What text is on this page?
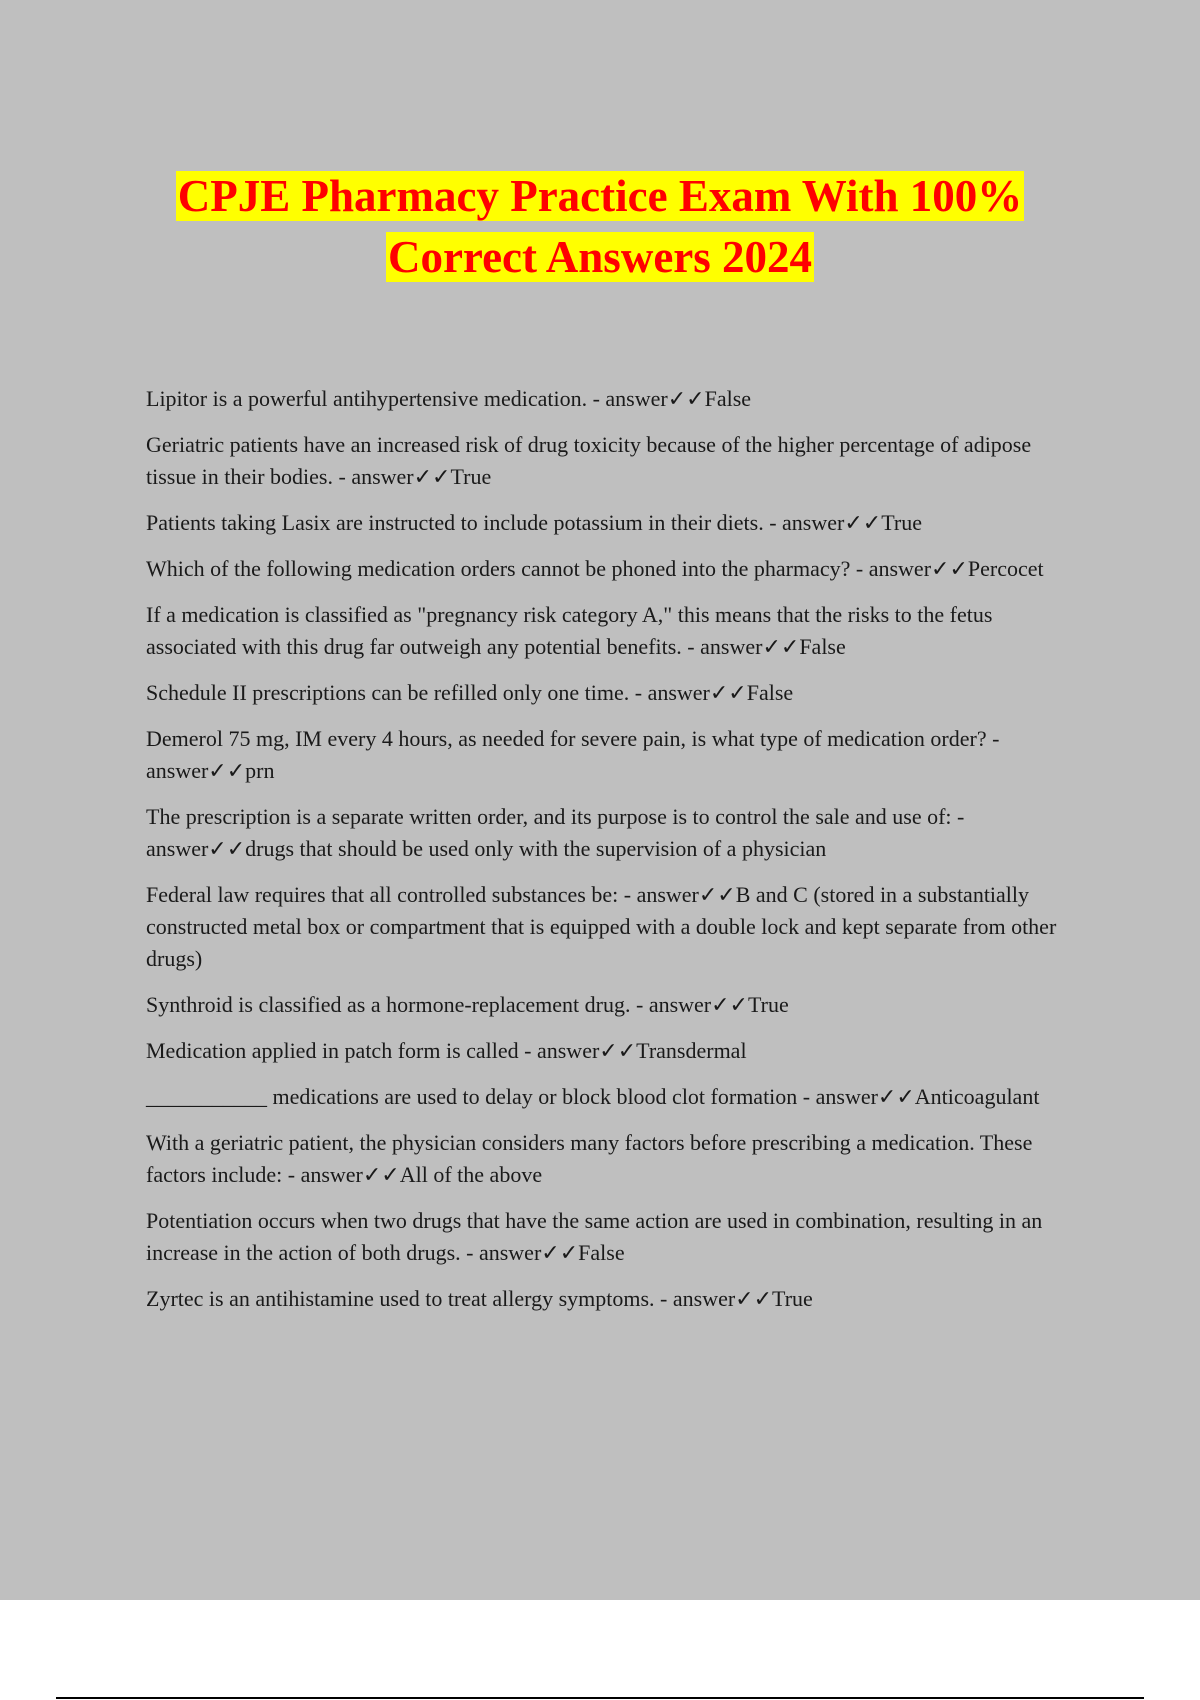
CPJE Pharmacy Practice Exam With 100%
Correct Answers 2024
Lipitor is a powerful antihypertensive medication. - answer✓✓False
Geriatric patients have an increased risk of drug toxicity because of the higher percentage of adipose tissue in their bodies. - answer✓✓True
Patients taking Lasix are instructed to include potassium in their diets. - answer✓✓True
Which of the following medication orders cannot be phoned into the pharmacy? - answer✓✓Percocet
If a medication is classified as "pregnancy risk category A," this means that the risks to the fetus associated with this drug far outweigh any potential benefits. - answer✓✓False
Schedule II prescriptions can be refilled only one time. - answer✓✓False
Demerol 75 mg, IM every 4 hours, as needed for severe pain, is what type of medication order? - answer✓✓prn
The prescription is a separate written order, and its purpose is to control the sale and use of: - answer✓✓drugs that should be used only with the supervision of a physician
Federal law requires that all controlled substances be: - answer✓✓B and C (stored in a substantially constructed metal box or compartment that is equipped with a double lock and kept separate from other drugs)
Synthroid is classified as a hormone-replacement drug. - answer✓✓True
Medication applied in patch form is called - answer✓✓Transdermal
___________ medications are used to delay or block blood clot formation - answer✓✓Anticoagulant
With a geriatric patient, the physician considers many factors before prescribing a medication. These factors include: - answer✓✓All of the above
Potentiation occurs when two drugs that have the same action are used in combination, resulting in an increase in the action of both drugs. - answer✓✓False
Zyrtec is an antihistamine used to treat allergy symptoms. - answer✓✓True
